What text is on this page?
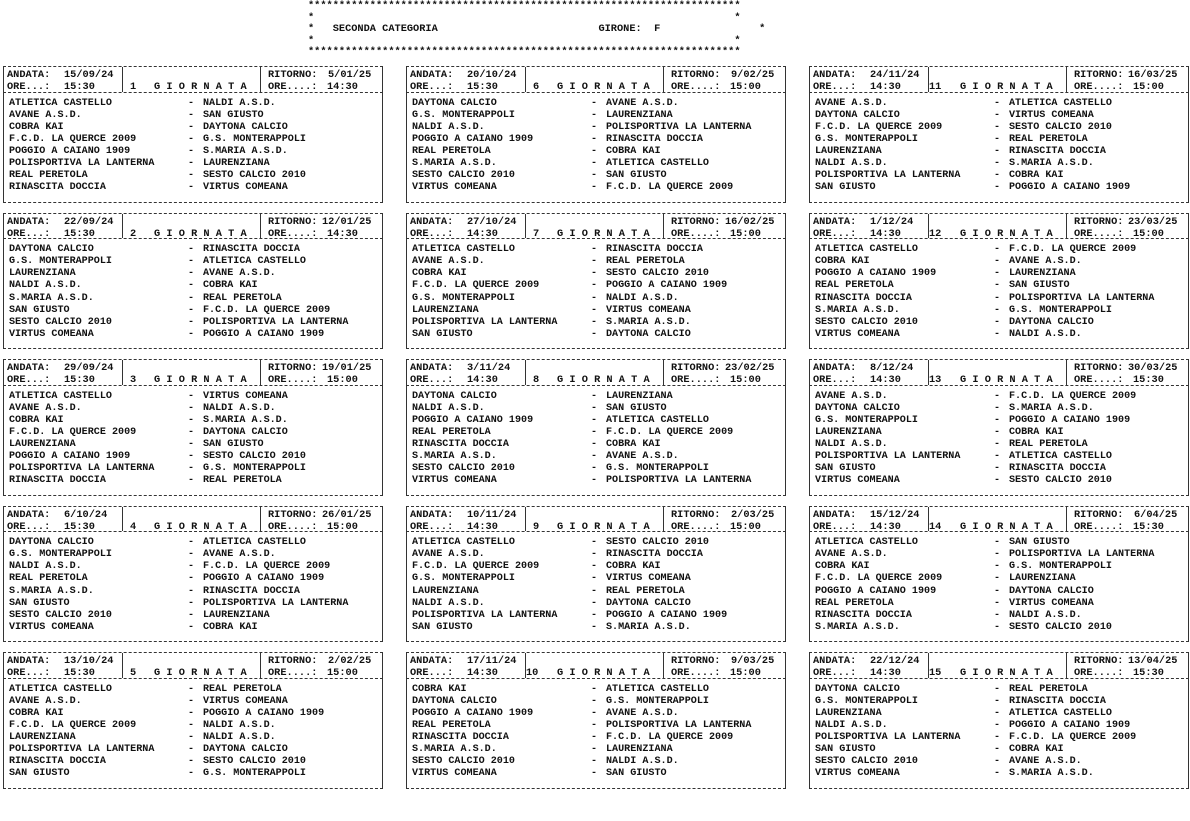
**********************************************************************
*                                                                    *
*   SECONDA CATEGORIA	GIRONE: F	*
*                                                                    *
**********************************************************************

ANDATA:

15/09/24

ORE...:

15:30

	1

G I O R N A T A

RITORNO:

5/01/25

ORE....:

14:30

ATLETICA CASTELLO	- NALDI A.S.D.
AVANE A.S.D.	- SAN GIUSTO
COBRA KAI	- DAYTONA CALCIO
F.C.D. LA QUERCE 2009	- G.S. MONTERAPPOLI
POGGIO A CAIANO 1909	- S.MARIA A.S.D.
POLISPORTIVA LA LANTERNA	- LAURENZIANA
REAL PERETOLA	- SESTO CALCIO 2010
RINASCITA DOCCIA	- VIRTUS COMEANA

ANDATA:

22/09/24

ORE...:

15:30

	2

G I O R N A T A

RITORNO:

12/01/25

ORE....:

14:30

DAYTONA CALCIO	- RINASCITA DOCCIA
G.S. MONTERAPPOLI	- ATLETICA CASTELLO
LAURENZIANA	- AVANE A.S.D.
NALDI A.S.D.	- COBRA KAI
S.MARIA A.S.D.	- REAL PERETOLA
SAN GIUSTO	- F.C.D. LA QUERCE 2009
SESTO CALCIO 2010	- POLISPORTIVA LA LANTERNA
VIRTUS COMEANA	- POGGIO A CAIANO 1909

ANDATA:

29/09/24

ORE...:

15:30

	3

G I O R N A T A

RITORNO:

19/01/25

ORE....:

15:00

ATLETICA CASTELLO	- VIRTUS COMEANA
AVANE A.S.D.	- NALDI A.S.D.
COBRA KAI	- S.MARIA A.S.D.
F.C.D. LA QUERCE 2009	- DAYTONA CALCIO
LAURENZIANA	- SAN GIUSTO
POGGIO A CAIANO 1909	- SESTO CALCIO 2010
POLISPORTIVA LA LANTERNA	- G.S. MONTERAPPOLI
RINASCITA DOCCIA	- REAL PERETOLA

ANDATA:

6/10/24

ORE...:

15:30

	4

G I O R N A T A

RITORNO:

26/01/25

ORE....:

15:00

DAYTONA CALCIO	- ATLETICA CASTELLO
G.S. MONTERAPPOLI	- AVANE A.S.D.
NALDI A.S.D.	- F.C.D. LA QUERCE 2009
REAL PERETOLA	- POGGIO A CAIANO 1909
S.MARIA A.S.D.	- RINASCITA DOCCIA
SAN GIUSTO	- POLISPORTIVA LA LANTERNA
SESTO CALCIO 2010	- LAURENZIANA
VIRTUS COMEANA	- COBRA KAI

ANDATA:

13/10/24

ORE...:

15:30

	5

G I O R N A T A

RITORNO:

2/02/25

ORE....:

15:00

ATLETICA CASTELLO	- REAL PERETOLA
AVANE A.S.D.	- VIRTUS COMEANA
COBRA KAI	- POGGIO A CAIANO 1909
F.C.D. LA QUERCE 2009	- NALDI A.S.D.
LAURENZIANA	- NALDI A.S.D.
POLISPORTIVA LA LANTERNA	- DAYTONA CALCIO
RINASCITA DOCCIA	- SESTO CALCIO 2010
SAN GIUSTO	- G.S. MONTERAPPOLI

ANDATA:

20/10/24

ORE...:

15:30

	6

G I O R N A T A

RITORNO:

9/02/25

ORE....:

15:00

DAYTONA CALCIO	- AVANE A.S.D.
G.S. MONTERAPPOLI	- LAURENZIANA
NALDI A.S.D.	- POLISPORTIVA LA LANTERNA
POGGIO A CAIANO 1909	- RINASCITA DOCCIA
REAL PERETOLA	- COBRA KAI
S.MARIA A.S.D.	- ATLETICA CASTELLO
SESTO CALCIO 2010	- SAN GIUSTO
VIRTUS COMEANA	- F.C.D. LA QUERCE 2009

ANDATA:

27/10/24

ORE...:

14:30

	7

G I O R N A T A

RITORNO:

16/02/25

ORE....:

15:00

ATLETICA CASTELLO	- RINASCITA DOCCIA
AVANE A.S.D.	- REAL PERETOLA
COBRA KAI	- SESTO CALCIO 2010
F.C.D. LA QUERCE 2009	- POGGIO A CAIANO 1909
G.S. MONTERAPPOLI	- NALDI A.S.D.
LAURENZIANA	- VIRTUS COMEANA
POLISPORTIVA LA LANTERNA	- S.MARIA A.S.D.
SAN GIUSTO	- DAYTONA CALCIO

ANDATA:

3/11/24

ORE...:

14:30

	8

G I O R N A T A

RITORNO:

23/02/25

ORE....:

15:00

DAYTONA CALCIO	- LAURENZIANA
NALDI A.S.D.	- SAN GIUSTO
POGGIO A CAIANO 1909	- ATLETICA CASTELLO
REAL PERETOLA	- F.C.D. LA QUERCE 2009
RINASCITA DOCCIA	- COBRA KAI
S.MARIA A.S.D.	- AVANE A.S.D.
SESTO CALCIO 2010	- G.S. MONTERAPPOLI
VIRTUS COMEANA	- POLISPORTIVA LA LANTERNA

ANDATA:

10/11/24

ORE...:

14:30

	9

G I O R N A T A

RITORNO:

2/03/25

ORE....:

15:00

ATLETICA CASTELLO	- SESTO CALCIO 2010
AVANE A.S.D.	- RINASCITA DOCCIA
F.C.D. LA QUERCE 2009	- COBRA KAI
G.S. MONTERAPPOLI	- VIRTUS COMEANA
LAURENZIANA	- REAL PERETOLA
NALDI A.S.D.	- DAYTONA CALCIO
POLISPORTIVA LA LANTERNA	- POGGIO A CAIANO 1909
SAN GIUSTO	- S.MARIA A.S.D.

ANDATA:

17/11/24

ORE...:

14:30

	10

G I O R N A T A

RITORNO:

9/03/25

ORE....:

15:00

COBRA KAI	- ATLETICA CASTELLO
DAYTONA CALCIO	- G.S. MONTERAPPOLI
POGGIO A CAIANO 1909	- AVANE A.S.D.
REAL PERETOLA	- POLISPORTIVA LA LANTERNA
RINASCITA DOCCIA	- F.C.D. LA QUERCE 2009
S.MARIA A.S.D.	- LAURENZIANA
SESTO CALCIO 2010	- NALDI A.S.D.
VIRTUS COMEANA	- SAN GIUSTO

ANDATA:

24/11/24

ORE...:

14:30

	11

G I O R N A T A

RITORNO:

16/03/25

ORE....:

15:00

AVANE A.S.D.	- ATLETICA CASTELLO
DAYTONA CALCIO	- VIRTUS COMEANA
F.C.D. LA QUERCE 2009	- SESTO CALCIO 2010
G.S. MONTERAPPOLI	- REAL PERETOLA
LAURENZIANA	- RINASCITA DOCCIA
NALDI A.S.D.	- S.MARIA A.S.D.
POLISPORTIVA LA LANTERNA	- COBRA KAI
SAN GIUSTO	- POGGIO A CAIANO 1909

ANDATA:

1/12/24

ORE...:

14:30

	12

G I O R N A T A

RITORNO:

23/03/25

ORE....:

15:00

ATLETICA CASTELLO	- F.C.D. LA QUERCE 2009
COBRA KAI	- AVANE A.S.D.
POGGIO A CAIANO 1909	- LAURENZIANA
REAL PERETOLA	- SAN GIUSTO
RINASCITA DOCCIA	- POLISPORTIVA LA LANTERNA
S.MARIA A.S.D.	- G.S. MONTERAPPOLI
SESTO CALCIO 2010	- DAYTONA CALCIO
VIRTUS COMEANA	- NALDI A.S.D.

ANDATA:

8/12/24

ORE...:

14:30

	13

G I O R N A T A

RITORNO:

30/03/25

ORE....:

15:30

AVANE A.S.D.	- F.C.D. LA QUERCE 2009
DAYTONA CALCIO	- S.MARIA A.S.D.
G.S. MONTERAPPOLI	- POGGIO A CAIANO 1909
LAURENZIANA	- COBRA KAI
NALDI A.S.D.	- REAL PERETOLA
POLISPORTIVA LA LANTERNA	- ATLETICA CASTELLO
SAN GIUSTO	- RINASCITA DOCCIA
VIRTUS COMEANA	- SESTO CALCIO 2010

ANDATA:

15/12/24

ORE...:

14:30

	14

G I O R N A T A

RITORNO:

6/04/25

ORE....:

15:30

ATLETICA CASTELLO	- SAN GIUSTO
AVANE A.S.D.	- POLISPORTIVA LA LANTERNA
COBRA KAI	- G.S. MONTERAPPOLI
F.C.D. LA QUERCE 2009	- LAURENZIANA
POGGIO A CAIANO 1909	- DAYTONA CALCIO
REAL PERETOLA	- VIRTUS COMEANA
RINASCITA DOCCIA	- NALDI A.S.D.
S.MARIA A.S.D.	- SESTO CALCIO 2010

ANDATA:

22/12/24

ORE...:

14:30

	15

G I O R N A T A

RITORNO:

13/04/25

ORE....:

15:30

DAYTONA CALCIO	- REAL PERETOLA
G.S. MONTERAPPOLI	- RINASCITA DOCCIA
LAURENZIANA	- ATLETICA CASTELLO
NALDI A.S.D.	- POGGIO A CAIANO 1909
POLISPORTIVA LA LANTERNA	- F.C.D. LA QUERCE 2009
SAN GIUSTO	- COBRA KAI
SESTO CALCIO 2010	- AVANE A.S.D.
VIRTUS COMEANA	- S.MARIA A.S.D.
